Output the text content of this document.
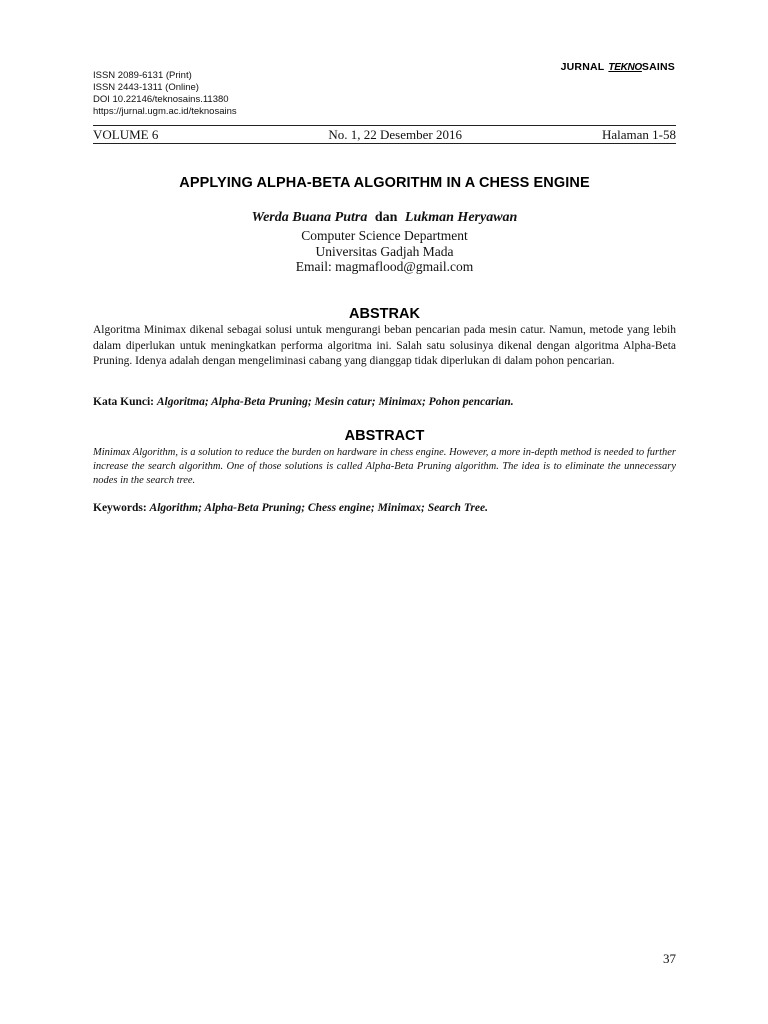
ISSN 2089-6131 (Print)
ISSN 2443-1311 (Online)
DOI 10.22146/teknosains.11380
https://jurnal.ugm.ac.id/teknosains
JURNAL TEKNOSAINS
VOLUME 6	No. 1, 22 Desember 2016	Halaman 1-58
APPLYING ALPHA-BETA ALGORITHM IN A CHESS ENGINE
Werda Buana Putra dan Lukman Heryawan
Computer Science Department
Universitas Gadjah Mada
Email: magmaflood@gmail.com
ABSTRAK
Algoritma Minimax dikenal sebagai solusi untuk mengurangi beban pencarian pada mesin catur. Namun, metode yang lebih dalam diperlukan untuk meningkatkan performa algoritma ini. Salah satu solusinya dikenal dengan algoritma Alpha-Beta Pruning. Idenya adalah dengan mengeliminasi cabang yang dianggap tidak diperlukan di dalam pohon pencarian.
Kata Kunci: Algoritma; Alpha-Beta Pruning; Mesin catur; Minimax; Pohon pencarian.
ABSTRACT
Minimax Algorithm, is a solution to reduce the burden on hardware in chess engine. However, a more in-depth method is needed to further increase the search algorithm. One of those solutions is called Alpha-Beta Pruning algorithm. The idea is to eliminate the unnecessary nodes in the search tree.
Keywords: Algorithm; Alpha-Beta Pruning; Chess engine; Minimax; Search Tree.
37
